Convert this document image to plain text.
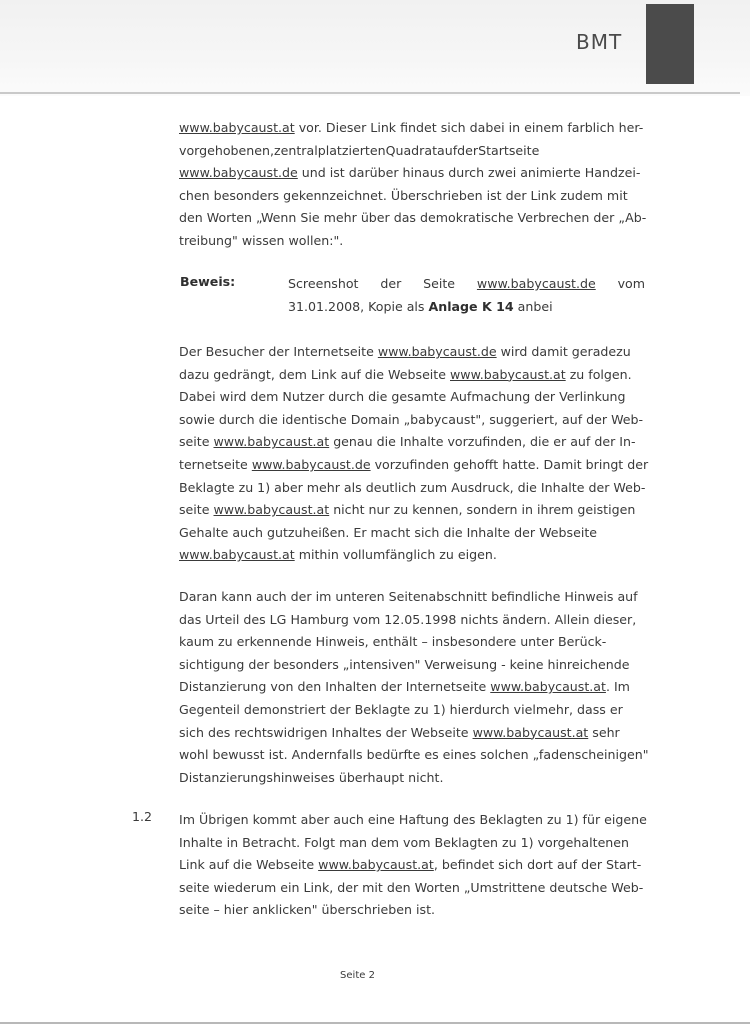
BMT
www.babycaust.at vor. Dieser Link findet sich dabei in einem farblich her-
vorgehobenen,zentralplatziertenQuadrataufderStartseite
www.babycaust.de und ist darüber hinaus durch zwei animierte Handzei-
chen besonders gekennzeichnet. Überschrieben ist der Link zudem mit
den Worten „Wenn Sie mehr über das demokratische Verbrechen der „Ab-
treibung" wissen wollen:".
Beweis:	Screenshot der Seite www.babycaust.de vom
31.01.2008, Kopie als Anlage K 14 anbei
Der Besucher der Internetseite www.babycaust.de wird damit geradezu
dazu gedrängt, dem Link auf die Webseite www.babycaust.at zu folgen.
Dabei wird dem Nutzer durch die gesamte Aufmachung der Verlinkung
sowie durch die identische Domain „babycaust", suggeriert, auf der Web-
seite www.babycaust.at genau die Inhalte vorzufinden, die er auf der In-
ternetseite www.babycaust.de vorzufinden gehofft hatte. Damit bringt der
Beklagte zu 1) aber mehr als deutlich zum Ausdruck, die Inhalte der Web-
seite www.babycaust.at nicht nur zu kennen, sondern in ihrem geistigen
Gehalte auch gutzuheißen. Er macht sich die Inhalte der Webseite
www.babycaust.at mithin vollumfänglich zu eigen.
Daran kann auch der im unteren Seitenabschnitt befindliche Hinweis auf
das Urteil des LG Hamburg vom 12.05.1998 nichts ändern. Allein dieser,
kaum zu erkennende Hinweis, enthält – insbesondere unter Berück-
sichtigung der besonders „intensiven" Verweisung - keine hinreichende
Distanzierung von den Inhalten der Internetseite www.babycaust.at. Im
Gegenteil demonstriert der Beklagte zu 1) hierdurch vielmehr, dass er
sich des rechtswidrigen Inhaltes der Webseite www.babycaust.at sehr
wohl bewusst ist. Andernfalls bedürfte es eines solchen „fadenscheinigen"
Distanzierungshinweises überhaupt nicht.
1.2 Im Übrigen kommt aber auch eine Haftung des Beklagten zu 1) für eigene
Inhalte in Betracht. Folgt man dem vom Beklagten zu 1) vorgehaltenen
Link auf die Webseite www.babycaust.at, befindet sich dort auf der Start-
seite wiederum ein Link, der mit den Worten „Umstrittene deutsche Web-
seite – hier anklicken" überschrieben ist.
Seite 2
